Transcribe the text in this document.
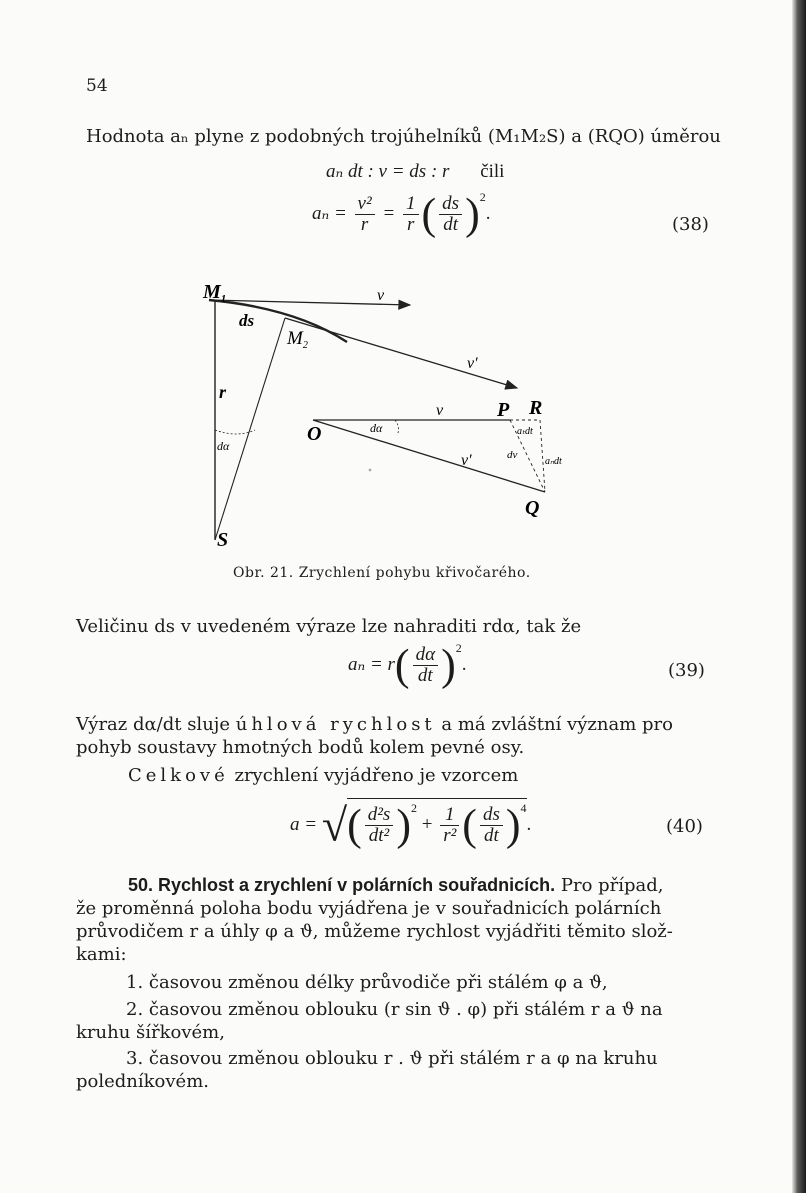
54
Hodnota aₙ plyne z podobných trojúhelníků (M₁M₂S) a (RQO) úměrou
aₙ dt : v = ds : r čili
$a_n = \frac{\text{v²}}{r} = \frac{1}{r}$ ( $\frac{ds}{dt} )^2$.
(38)
$M_1$
ds
$M_2$
v
v′
r
dα
S
O	dα
v	P R
aₜdt
dv
aₙdt
v′
Q
Obr. 21. Zrychlení pohybu křivočarého.
Veličinu ds v uvedeném výraze lze nahraditi rdα, tak že
$a_n = r( \frac{d\alpha}{dt} )^2$.	(39)
Výraz dα/dt sluje úhlová rychlost a má zvláštní význam pro
pohyb soustavy hmotných bodů kolem pevné osy.
Celkové zrychlení vyjádřeno je vzorcem
a = √( $\frac{\text{d²s}}{\text{dt²}} )^2 + \frac{1}{\text{r²}}$ ( $\frac{ds}{dt} )^4$.	(40)
50. Rychlost a zrychlení v polárních souřadnicích. Pro případ,
že proměnná poloha bodu vyjádřena je v souřadnicích polárních
průvodičem r a úhly φ a ϑ, můžeme rychlost vyjádřiti těmito slož-
kami:
1. časovou změnou délky průvodiče při stálém φ a ϑ,
2. časovou změnou oblouku (r sin ϑ . φ) při stálém r a ϑ na
kruhu šířkovém,
3. časovou změnou oblouku r . ϑ při stálém r a φ na kruhu
poledníkovém.
